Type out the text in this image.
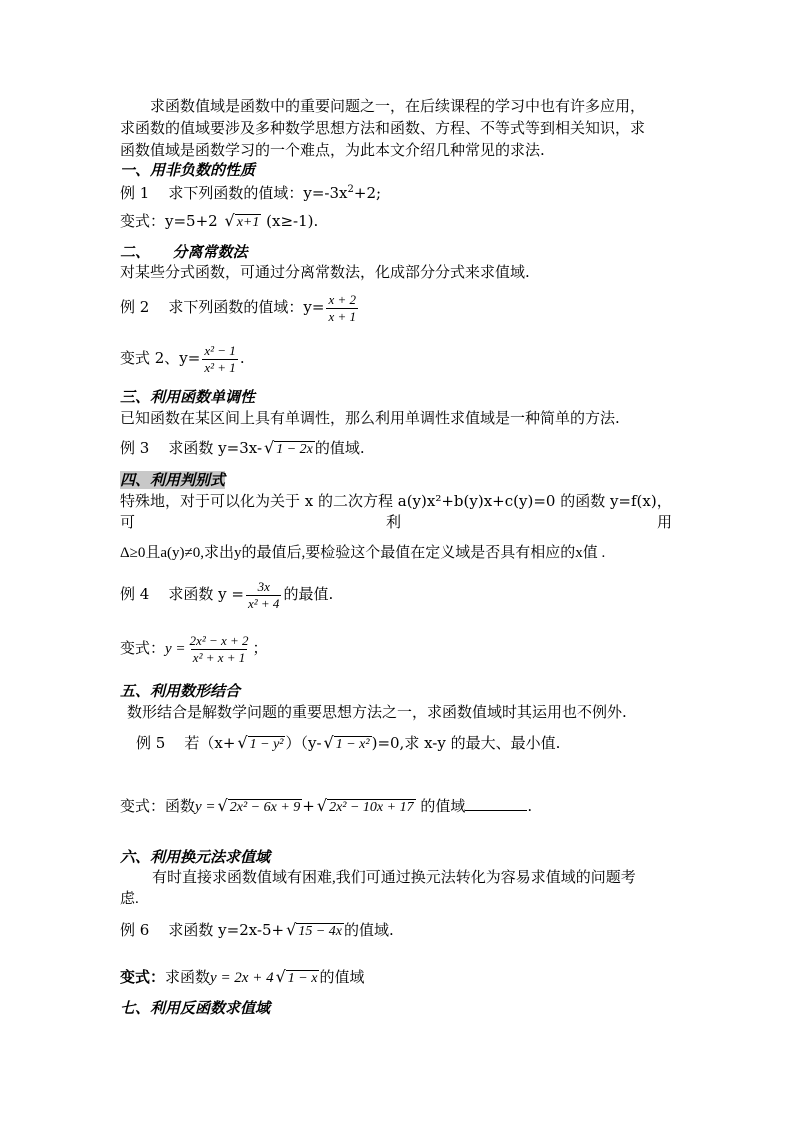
求函数值域是函数中的重要问题之一，在后续课程的学习中也有许多应用，
求函数的值域要涉及多种数学思想方法和函数、方程、不等式等到相关知识，求
函数值域是函数学习的一个难点，为此本文介绍几种常见的求法.
一、用非负数的性质
例 1 求下列函数的值域：$y=-3x^2+2$;
变式：y=5+2 √ x+1 (x≥-1).
二、　　分离常数法
对某些分式函数，可通过分离常数法，化成部分分式来求值域.
例 2 求下列函数的值域：$y= \frac{x + 2}{x + 1}$
变式 2、$y= \frac{\text{x² − 1}}{\text{x² + 1}}$ .
三、利用函数单调性
已知函数在某区间上具有单调性，那么利用单调性求值域是一种简单的方法.
例 3 求函数 y=3x- √ 1 − 2x 的值域.
四、利用判别式
特殊地，对于可以化为关于 x 的二次方程 a(y)x²+b(y)x+c(y)=0 的函数 y=f(x)，
可	利	用
Δ≥0且a(y)≠0,求出y的最值后,要检验这个最值在定义域是否具有相应的x值 .
例 4 求函数 $y = \frac{3x}{\text{x² + 4}}$ 的最值.
变式：$y = \frac{\text{2x² − x + 2}}{\text{x² + x + 1}}$ ；
五、利用数形结合
数形结合是解数学问题的重要思想方法之一，求函数值域时其运用也不例外.
例 5 若（x+ √ 1 − y² ）（y- √ 1 − x² )=0,求 x-y 的最大、最小值.
变式：函数y = √ 2x² − 6x + 9 + √ 2x² − 10x + 17 的值域	.
六、利用换元法求值域
有时直接求函数值域有困难,我们可通过换元法转化为容易求值域的问题考
虑.
例 6 求函数 y=2x-5+ √ 15 − 4x 的值域.
变式：求函数y = 2x + 4 √ 1 − x 的值域
七、利用反函数求值域
